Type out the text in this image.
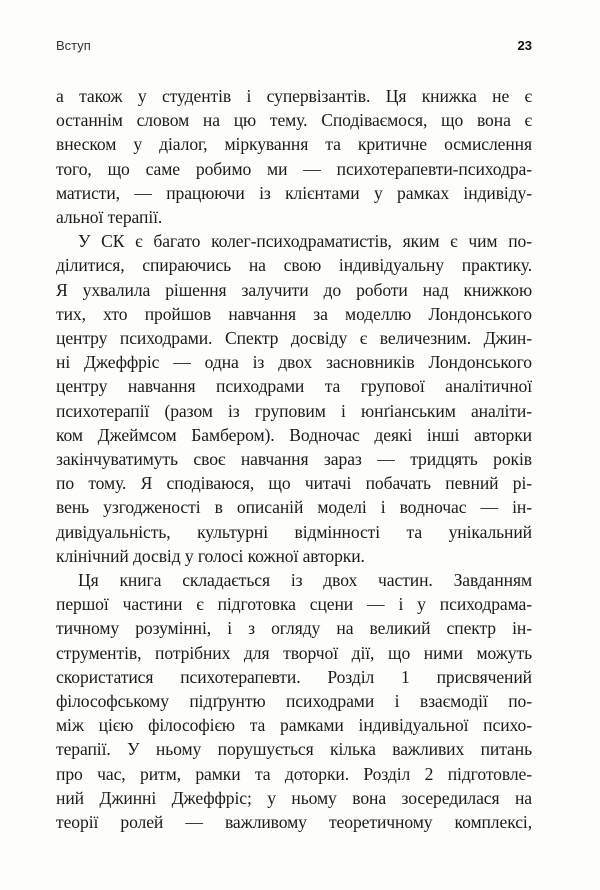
Вступ	23
а також у студентів і супервізантів. Ця книжка не є
останнім словом на цю тему. Сподіваємося, що вона є
внеском у діалог, міркування та критичне осмислення
того, що саме робимо ми — психотерапевти-психодра-
матисти, — працюючи із клієнтами у рамках індивіду-
альної терапії.
У СК є багато колег-психодраматистів, яким є чим по-
ділитися, спираючись на свою індивідуальну практику.
Я ухвалила рішення залучити до роботи над книжкою
тих, хто пройшов навчання за моделлю Лондонського
центру психодрами. Спектр досвіду є величезним. Джин-
ні Джеффріс — одна із двох засновників Лондонського
центру навчання психодрами та групової аналітичної
психотерапії (разом із груповим і юнґіанським аналіти-
ком Джеймсом Бамбером). Водночас деякі інші авторки
закінчуватимуть своє навчання зараз — тридцять років
по тому. Я сподіваюся, що читачі побачать певний рі-
вень узгодженості в описаній моделі і водночас — ін-
дивідуальність, культурні відмінності та унікальний
клінічний досвід у голосі кожної авторки.
Ця книга складається із двох частин. Завданням
першої частини є підготовка сцени — і у психодрама-
тичному розумінні, і з огляду на великий спектр ін-
струментів, потрібних для творчої дії, що ними можуть
скористатися психотерапевти. Розділ 1 присвячений
філософському підґрунтю психодрами і взаємодії по-
між цією філософією та рамками індивідуальної психо-
терапії. У ньому порушується кілька важливих питань
про час, ритм, рамки та доторки. Розділ 2 підготовле-
ний Джинні Джеффріс; у ньому вона зосередилася на
теорії ролей — важливому теоретичному комплексі,
